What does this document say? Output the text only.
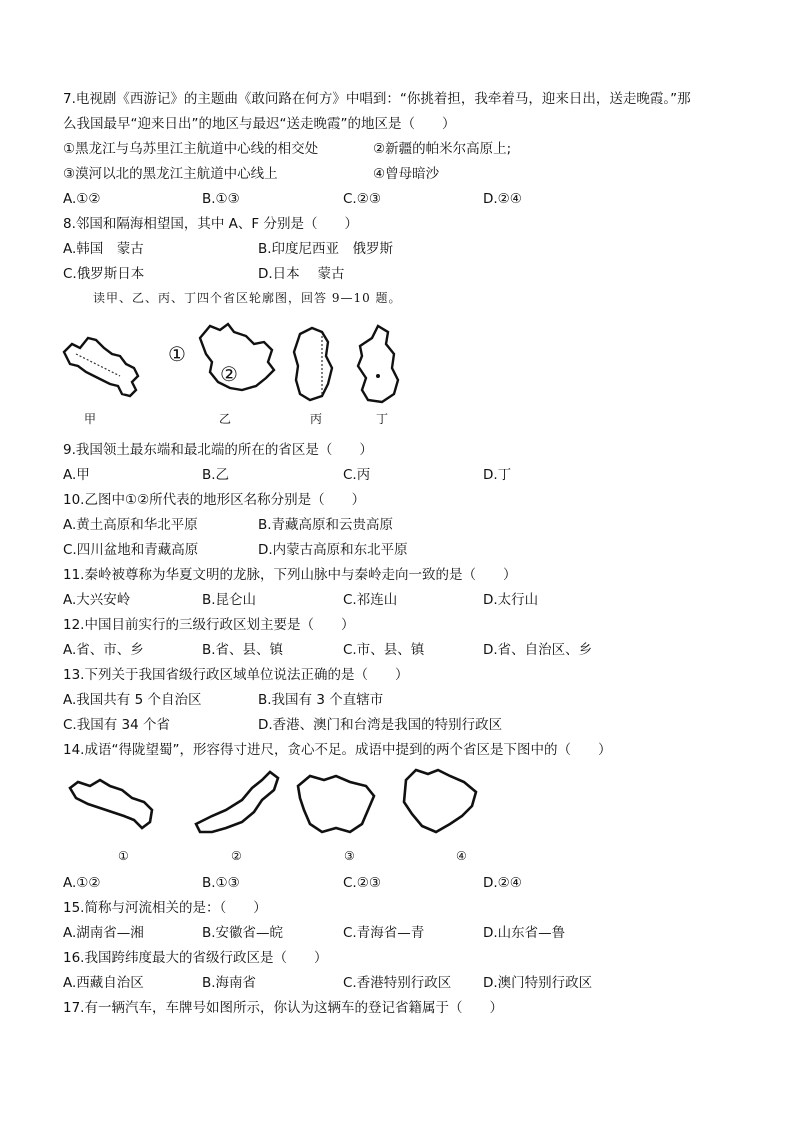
7.电视剧《西游记》的主题曲《敢问路在何方》中唱到：“你挑着担，我牵着马，迎来日出，送走晚霞。”那
么我国最早“迎来日出”的地区与最迟“送走晚霞”的地区是（　　）
①黑龙江与乌苏里江主航道中心线的相交处	②新疆的帕米尔高原上;
③漠河以北的黑龙江主航道中心线上	④曾母暗沙
A.①②	B.①③	C.②③	D.②④
8.邻国和隔海相望国，其中 A、F 分别是（　　）
A.韩国　蒙古	B.印度尼西亚　俄罗斯
C.俄罗斯日本	D.日本　 蒙古
读甲、乙、丙、丁四个省区轮廓图，回答 9—10 题。
甲	乙	丙	丁
①
②
9.我国领土最东端和最北端的所在的省区是（　　）
A.甲	B.乙	C.丙	D.丁
10.乙图中①②所代表的地形区名称分别是（　　）
A.黄土高原和华北平原	B.青藏高原和云贵高原
C.四川盆地和青藏高原	D.内蒙古高原和东北平原
11.秦岭被尊称为华夏文明的龙脉，下列山脉中与秦岭走向一致的是（　　）
A.大兴安岭	B.昆仑山	C.祁连山	D.太行山
12.中国目前实行的三级行政区划主要是（　　）
A.省、市、乡	B.省、县、镇	C.市、县、镇	D.省、自治区、乡
13.下列关于我国省级行政区域单位说法正确的是（　　）
A.我国共有 5 个自治区	B.我国有 3 个直辖市
C.我国有 34 个省	D.香港、澳门和台湾是我国的特别行政区
14.成语“得陇望蜀”，形容得寸进尺，贪心不足。成语中提到的两个省区是下图中的（　　）
①	②	③	④
A.①②	B.①③	C.②③	D.②④
15.简称与河流相关的是：（　　）
A.湖南省—湘	B.安徽省—皖	C.青海省—青	D.山东省—鲁
16.我国跨纬度最大的省级行政区是（　　）
A.西藏自治区	B.海南省	C.香港特别行政区 D.澳门特别行政区
17.有一辆汽车，车牌号如图所示，你认为这辆车的登记省籍属于（　　）
